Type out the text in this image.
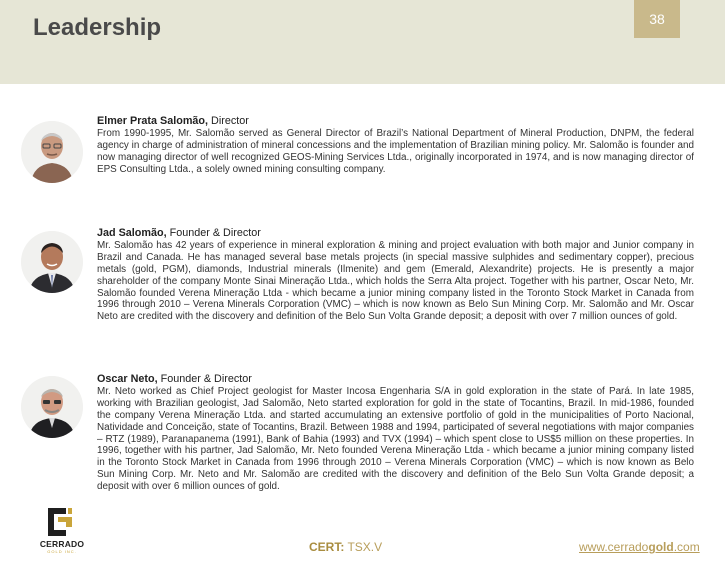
Leadership	38

Elmer Prata Salomão, Director

From 1990-1995, Mr. Salomão served as General Director of Brazil’s National Department of Mineral Production, DNPM, the federal agency in charge of administration of mineral concessions and the implementation of Brazilian mining policy. Mr. Salomão is founder and now managing director of well recognized GEOS-Mining Services Ltda., originally incorporated in 1974, and is now managing director of EPS Consulting Ltda., a solely owned mining consulting company.

Jad Salomão, Founder & Director

Mr. Salomão has 42 years of experience in mineral exploration & mining and project evaluation with both major and Junior company in Brazil and Canada. He has managed several base metals projects (in special massive sulphides and sedimentary copper), precious metals (gold, PGM), diamonds, Industrial minerals (Ilmenite) and gem (Emerald, Alexandrite) projects. He is presently a major shareholder of the company Monte Sinai Mineração Ltda., which holds the Serra Alta project. Together with his partner, Oscar Neto, Mr. Salomão founded Verena Mineração Ltda - which became a junior mining company listed in the Toronto Stock Market in Canada from 1996 through 2010 – Verena Minerals Corporation (VMC) – which is now known as Belo Sun Mining Corp. Mr. Salomão and Mr. Oscar Neto are credited with the discovery and definition of the Belo Sun Volta Grande deposit; a deposit with over 7 million ounces of gold.

Oscar Neto, Founder & Director

Mr. Neto worked as Chief Project geologist for Master Incosa Engenharia S/A in gold exploration in the state of Pará. In late 1985, working with Brazilian geologist, Jad Salomão, Neto started exploration for gold in the state of Tocantins, Brazil. In mid-1986, founded the company Verena Mineração Ltda. and started accumulating an extensive portfolio of gold in the municipalities of Porto Nacional, Natividade and Conceição, state of Tocantins, Brazil. Between 1988 and 1994, participated of several negotiations with major companies – RTZ (1989), Paranapanema (1991), Bank of Bahia (1993) and TVX (1994) – which spent close to US$5 million on these properties. In 1996, together with his partner, Jad Salomão, Mr. Neto founded Verena Mineração Ltda - which became a junior mining company listed in the Toronto Stock Market in Canada from 1996 through 2010 – Verena Minerals Corporation (VMC) – which is now known as Belo Sun Mining Corp. Mr. Neto and Mr. Salomão are credited with the discovery and definition of the Belo Sun Volta Grande deposit; a deposit with over 6 million ounces of gold.

CERRADO
GOLD INC.	CERT: TSX.V	www.cerradogold.com
